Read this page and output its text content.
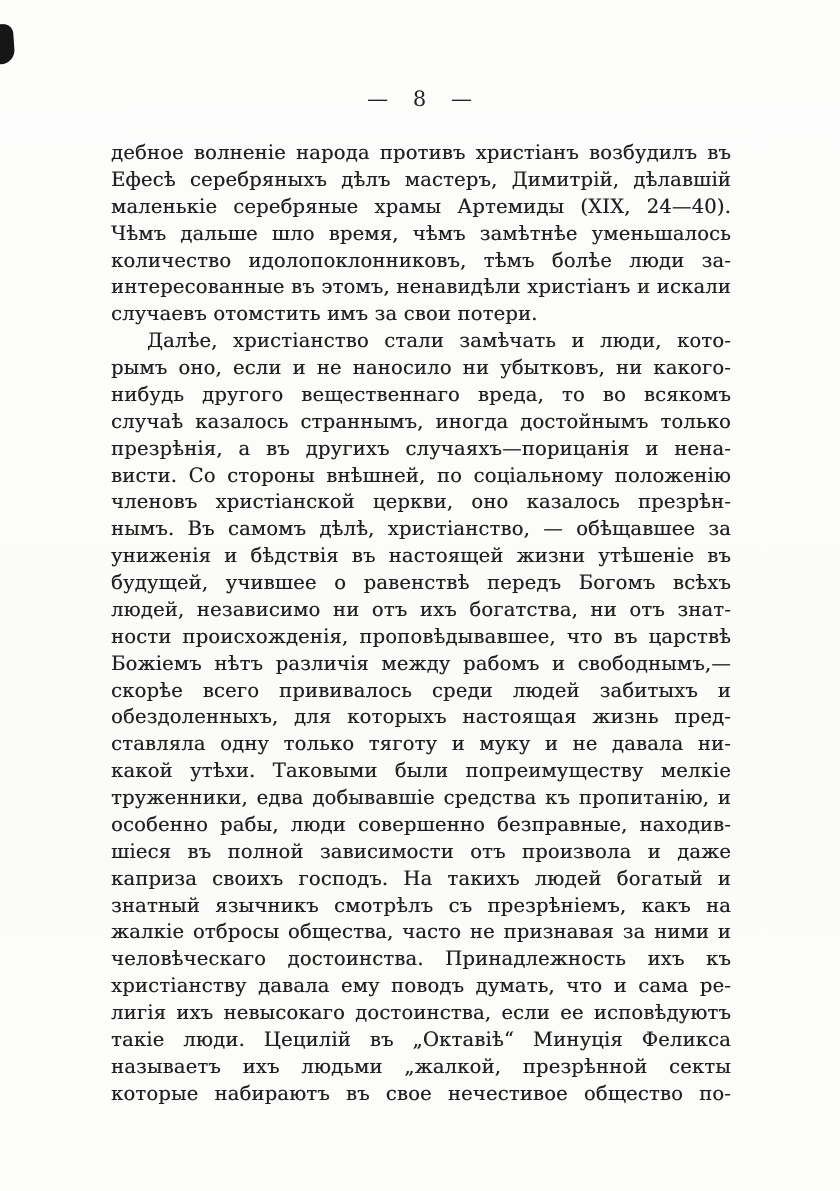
— 8 —
дебное волненіе народа противъ христіанъ возбудилъ въ
Ефесѣ серебряныхъ дѣлъ мастеръ, Димитрій, дѣлавшій
маленькіе серебряные храмы Артемиды (XIX, 24—40).
Чѣмъ дальше шло время, чѣмъ замѣтнѣе уменьшалось
количество идолопоклонниковъ, тѣмъ болѣе люди за-
интересованные въ этомъ, ненавидѣли христіанъ и искали
случаевъ отомстить имъ за свои потери.
Далѣе, христіанство стали замѣчать и люди, кото-
рымъ оно, если и не наносило ни убытковъ, ни какого-
нибудь другого вещественнаго вреда, то во всякомъ
случаѣ казалось страннымъ, иногда достойнымъ только
презрѣнія, а въ другихъ случаяхъ—порицанія и нена-
висти. Со стороны внѣшней, по соціальному положенію
членовъ христіанской церкви, оно казалось презрѣн-
нымъ. Въ самомъ дѣлѣ, христіанство, — обѣщавшее за
униженія и бѣдствія въ настоящей жизни утѣшеніе въ
будущей, учившее о равенствѣ передъ Богомъ всѣхъ
людей, независимо ни отъ ихъ богатства, ни отъ знат-
ности происхожденія, проповѣдывавшее, что въ царствѣ
Божіемъ нѣтъ различія между рабомъ и свободнымъ,—
скорѣе всего прививалось среди людей забитыхъ и
обездоленныхъ, для которыхъ настоящая жизнь пред-
ставляла одну только тяготу и муку и не давала ни-
какой утѣхи. Таковыми были попреимуществу мелкіе
труженники, едва добывавшіе средства къ пропитанію, и
особенно рабы, люди совершенно безправные, находив-
шіеся въ полной зависимости отъ произвола и даже
каприза своихъ господъ. На такихъ людей богатый и
знатный язычникъ смотрѣлъ съ презрѣніемъ, какъ на
жалкіе отбросы общества, часто не признавая за ними и
человѣческаго достоинства. Принадлежность ихъ къ
христіанству давала ему поводъ думать, что и сама ре-
лигія ихъ невысокаго достоинства, если ее исповѣдуютъ
такіе люди. Цецилій въ „Октавіѣ“ Минуція Феликса
называетъ ихъ людьми „жалкой, презрѣнной секты
которые набираютъ въ свое нечестивое общество по-
